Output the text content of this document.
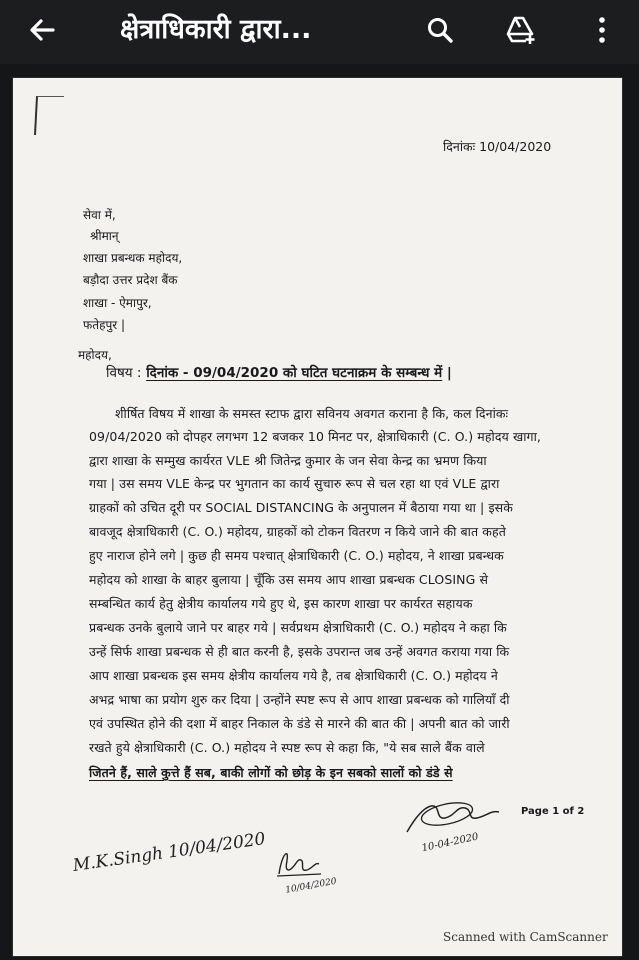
क्षेत्राधिकारी द्वारा...
दिनांकः 10/04/2020
सेवा में,
श्रीमान्
शाखा प्रबन्धक महोदय,
बड़ौदा उत्तर प्रदेश बैंक
शाखा - ऐमापुर,
फतेहपुर |
महोदय,
विषय : दिनांक - 09/04/2020 को घटित घटनाक्रम के सम्बन्ध में |
शीर्षित विषय में शाखा के समस्त स्टाफ द्वारा सविनय अवगत कराना है कि, कल दिनांकः
09/04/2020 को दोपहर लगभग 12 बजकर 10 मिनट पर, क्षेत्राधिकारी (C. O.) महोदय खागा,
द्वारा शाखा के सम्मुख कार्यरत VLE श्री जितेन्द्र कुमार के जन सेवा केन्द्र का भ्रमण किया
गया | उस समय VLE केन्द्र पर भुगतान का कार्य सुचारु रूप से चल रहा था एवं VLE द्वारा
ग्राहकों को उचित दूरी पर SOCIAL DISTANCING के अनुपालन में बैठाया गया था | इसके
बावजूद क्षेत्राधिकारी (C. O.) महोदय, ग्राहकों को टोकन वितरण न किये जाने की बात कहते
हुए नाराज होने लगे | कुछ ही समय पश्चात् क्षेत्राधिकारी (C. O.) महोदय, ने शाखा प्रबन्धक
महोदय को शाखा के बाहर बुलाया | चूँकि उस समय आप शाखा प्रबन्धक CLOSING से
सम्बन्धित कार्य हेतु क्षेत्रीय कार्यालय गये हुए थे, इस कारण शाखा पर कार्यरत सहायक
प्रबन्धक उनके बुलाये जाने पर बाहर गये | सर्वप्रथम क्षेत्राधिकारी (C. O.) महोदय ने कहा कि
उन्हें सिर्फ शाखा प्रबन्धक से ही बात करनी है, इसके उपरान्त जब उन्हें अवगत कराया गया कि
आप शाखा प्रबन्धक इस समय क्षेत्रीय कार्यालय गये है, तब क्षेत्राधिकारी (C. O.) महोदय ने
अभद्र भाषा का प्रयोग शुरु कर दिया | उन्होंने स्पष्ट रूप से आप शाखा प्रबन्धक को गालियाँ दी
एवं उपस्थित होने की दशा में बाहर निकाल के डंडे से मारने की बात की | अपनी बात को जारी
रखते हुये क्षेत्राधिकारी (C. O.) महोदय ने स्पष्ट रूप से कहा कि, "ये सब साले बैंक वाले
जितने हैं, साले कुत्ते हैं सब, बाकी लोगों को छोड़ के इन सबको सालों को डंडे से
Page 1 of 2
M.K.Singh 10/04/2020
10/04/2020
10-04-2020
Scanned with CamScanner
